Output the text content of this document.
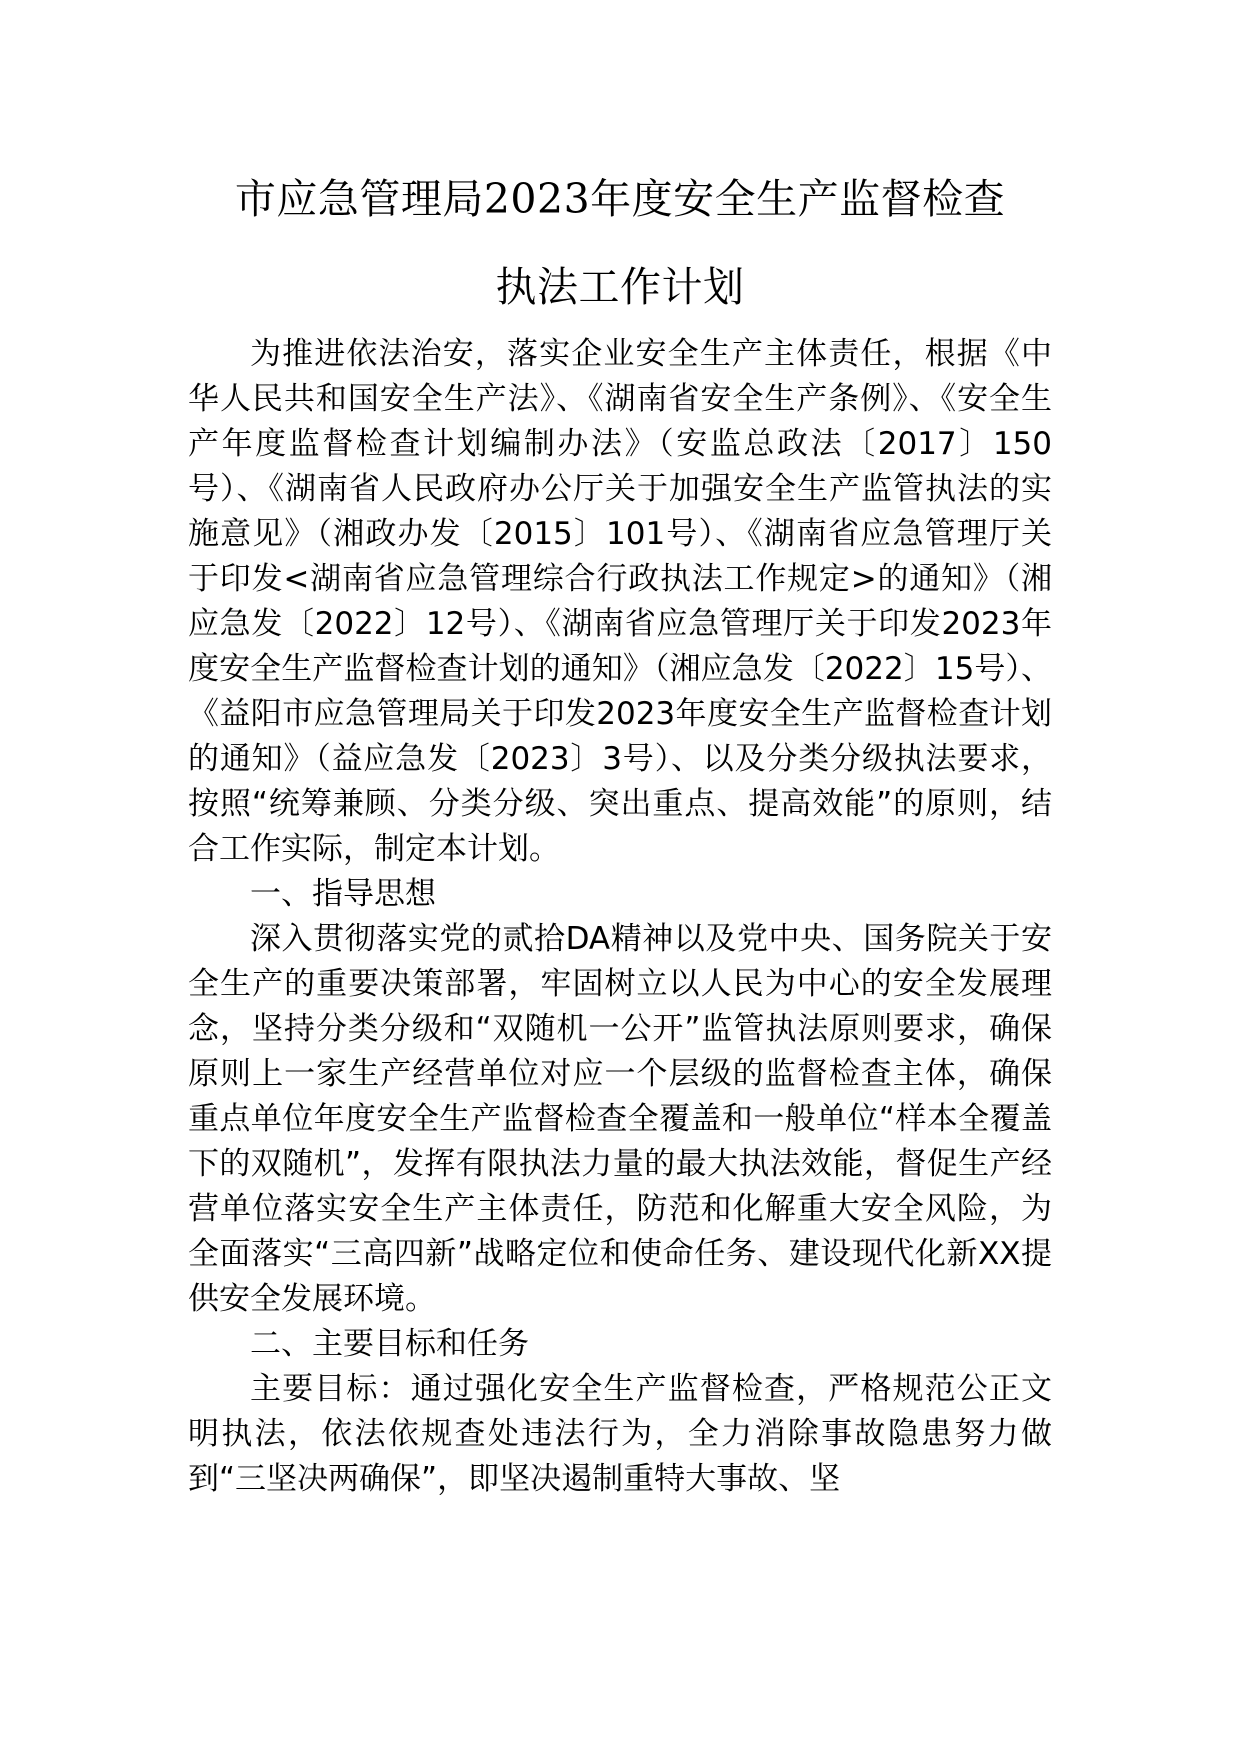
市应急管理局2023年度安全生产监督检查
执法工作计划

为推进依法治安，落实企业安全生产主体责任，根据《中华人民共和国安全生产法》、《湖南省安全生产条例》、《安全生产年度监督检查计划编制办法》（安监总政法〔2017〕150号）、《湖南省人民政府办公厅关于加强安全生产监管执法的实施意见》（湘政办发〔2015〕101号）、《湖南省应急管理厅关于印发<湖南省应急管理综合行政执法工作规定>的通知》（湘应急发〔2022〕12号）、《湖南省应急管理厅关于印发2023年度安全生产监督检查计划的通知》（湘应急发〔2022〕15号）、《益阳市应急管理局关于印发2023年度安全生产监督检查计划的通知》（益应急发〔2023〕3号）、以及分类分级执法要求，按照“统筹兼顾、分类分级、突出重点、提高效能”的原则，结合工作实际，制定本计划。

一、指导思想

深入贯彻落实党的贰拾DA精神以及党中央、国务院关于安全生产的重要决策部署，牢固树立以人民为中心的安全发展理念，坚持分类分级和“双随机一公开”监管执法原则要求，确保原则上一家生产经营单位对应一个层级的监督检查主体，确保重点单位年度安全生产监督检查全覆盖和一般单位“样本全覆盖下的双随机”，发挥有限执法力量的最大执法效能，督促生产经营单位落实安全生产主体责任，防范和化解重大安全风险，为全面落实“三高四新”战略定位和使命任务、建设现代化新XX提供安全发展环境。

二、主要目标和任务

主要目标：通过强化安全生产监督检查，严格规范公正文明执法，依法依规查处违法行为，全力消除事故隐患努力做到“三坚决两确保”，即坚决遏制重特大事故、坚
